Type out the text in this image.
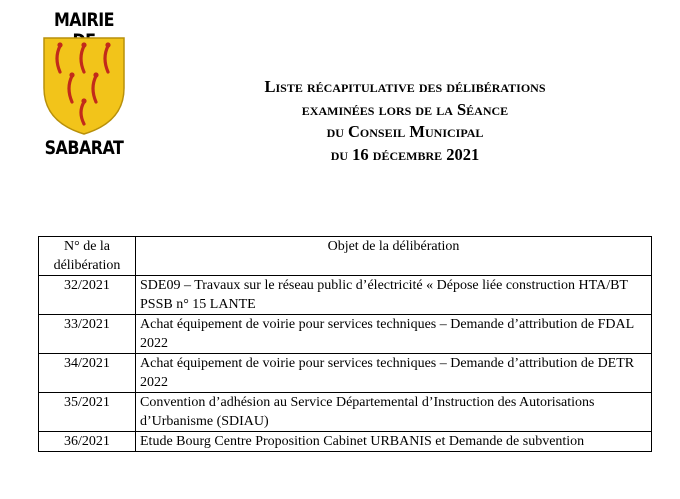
MAIRIE
SABARAT
Liste récapitulative des délibérations
examinées lors de la Séance
du Conseil Municipal
du 16 décembre 2021
N° de la
délibération	Objet de la délibération
32/2021	SDE09 – Travaux sur le réseau public d’électricité « Dépose liée construction HTA/BT PSSB n° 15 LANTE
33/2021	Achat équipement de voirie pour services techniques – Demande d’attribution de FDAL 2022
34/2021	Achat équipement de voirie pour services techniques – Demande d’attribution de DETR 2022
35/2021	Convention d’adhésion au Service Départemental d’Instruction des Autorisations d’Urbanisme (SDIAU)
36/2021	Etude Bourg Centre Proposition Cabinet URBANIS et Demande de subvention
